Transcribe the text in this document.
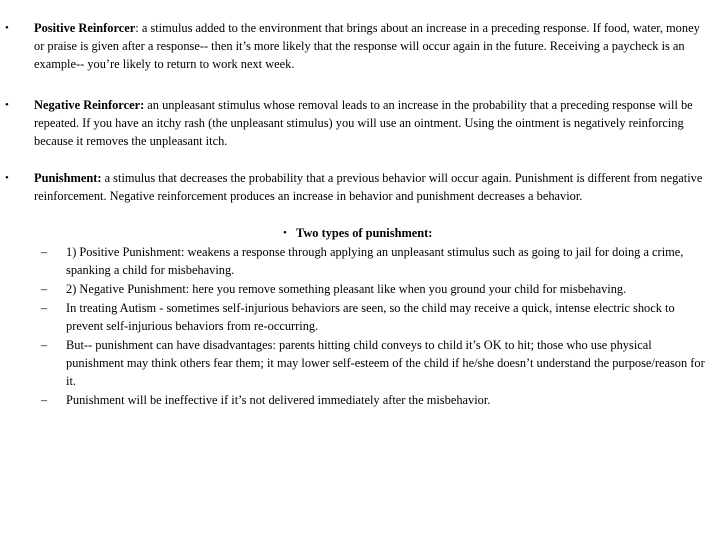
• Positive Reinforcer: a stimulus added to the environment that brings about an increase in a preceding response. If food, water, money or praise is given after a response-- then it’s more likely that the response will occur again in the future. Receiving a paycheck is an example-- you’re likely to return to work next week.
• Negative Reinforcer: an unpleasant stimulus whose removal leads to an increase in the probability that a preceding response will be repeated. If you have an itchy rash (the unpleasant stimulus) you will use an ointment. Using the ointment is negatively reinforcing because it removes the unpleasant itch.
• Punishment: a stimulus that decreases the probability that a previous behavior will occur again. Punishment is different from negative reinforcement. Negative reinforcement produces an increase in behavior and punishment decreases a behavior.
• Two types of punishment:
– 1) Positive Punishment: weakens a response through applying an unpleasant stimulus such as going to jail for doing a crime, spanking a child for misbehaving.
– 2) Negative Punishment: here you remove something pleasant like when you ground your child for misbehaving.
– In treating Autism - sometimes self-injurious behaviors are seen, so the child may receive a quick, intense electric shock to prevent self-injurious behaviors from re-occurring.
– But-- punishment can have disadvantages: parents hitting child conveys to child it’s OK to hit; those who use physical punishment may think others fear them; it may lower self-esteem of the child if he/she doesn’t understand the purpose/reason for it.
– Punishment will be ineffective if it’s not delivered immediately after the misbehavior.
